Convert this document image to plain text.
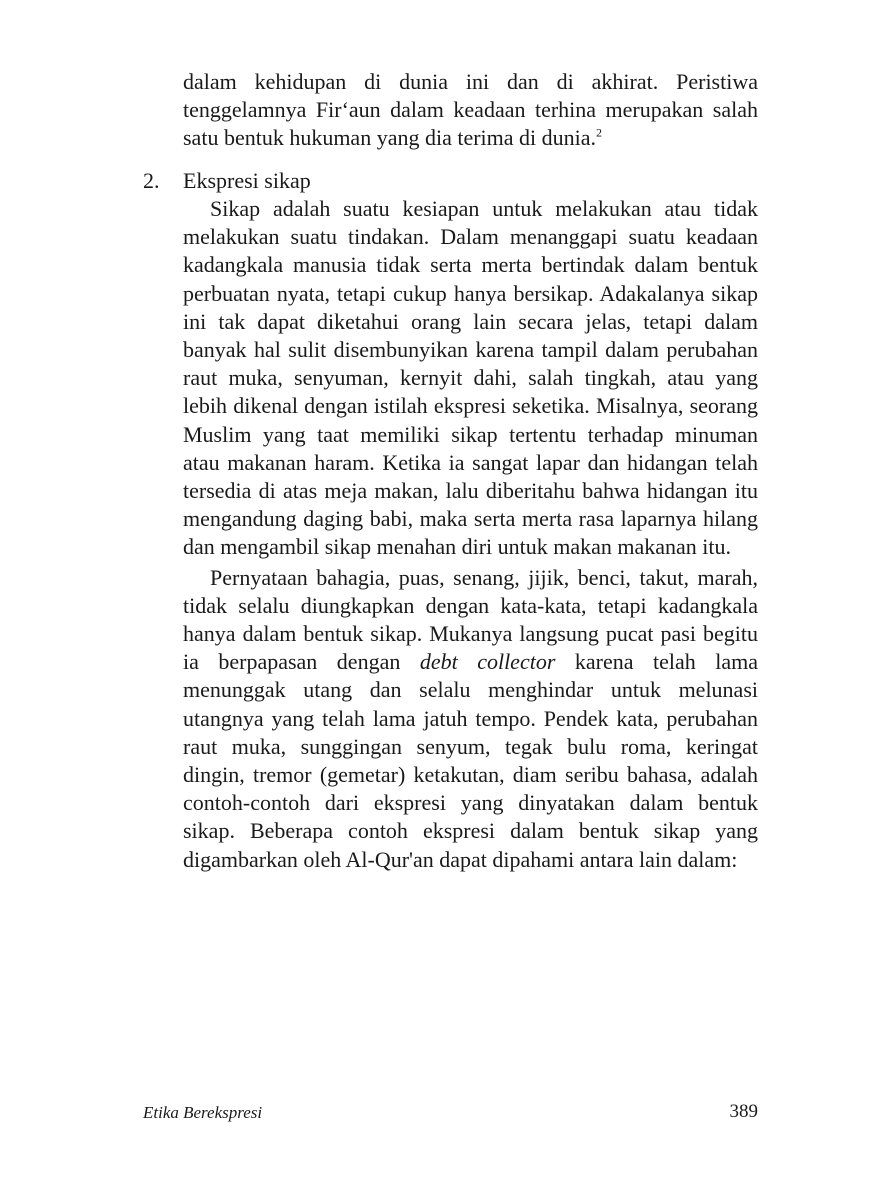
dalam kehidupan di dunia ini dan di akhirat. Peristiwa tenggelamnya Fir‘aun dalam keadaan terhina merupakan salah satu bentuk hukuman yang dia terima di dunia.$^2$

2. Ekspresi sikap

Sikap adalah suatu kesiapan untuk melakukan atau tidak melakukan suatu tindakan. Dalam menanggapi suatu keadaan kadangkala manusia tidak serta merta bertindak dalam bentuk perbuatan nyata, tetapi cukup hanya bersikap. Adakalanya sikap ini tak dapat diketahui orang lain secara jelas, tetapi dalam banyak hal sulit disembunyikan karena tampil dalam perubahan raut muka, senyuman, kernyit dahi, salah tingkah, atau yang lebih dikenal dengan istilah ekspresi seketika. Misalnya, seorang Muslim yang taat memiliki sikap tertentu terhadap minuman atau makanan haram. Ketika ia sangat lapar dan hidangan telah tersedia di atas meja makan, lalu diberitahu bahwa hidangan itu mengandung daging babi, maka serta merta rasa laparnya hilang dan mengambil sikap menahan diri untuk makan makanan itu.

Pernyataan bahagia, puas, senang, jijik, benci, takut, marah, tidak selalu diungkapkan dengan kata-kata, tetapi kadangkala hanya dalam bentuk sikap. Mukanya langsung pucat pasi begitu ia berpapasan dengan debt collector karena telah lama menunggak utang dan selalu menghindar untuk melunasi utangnya yang telah lama jatuh tempo. Pendek kata, perubahan raut muka, sunggingan senyum, tegak bulu roma, keringat dingin, tremor (gemetar) ketakutan, diam seribu bahasa, adalah contoh-contoh dari ekspresi yang dinyatakan dalam bentuk sikap. Beberapa contoh ekspresi dalam bentuk sikap yang digambarkan oleh Al-Qur'an dapat dipahami antara lain dalam:

Etika Berekspresi	389
